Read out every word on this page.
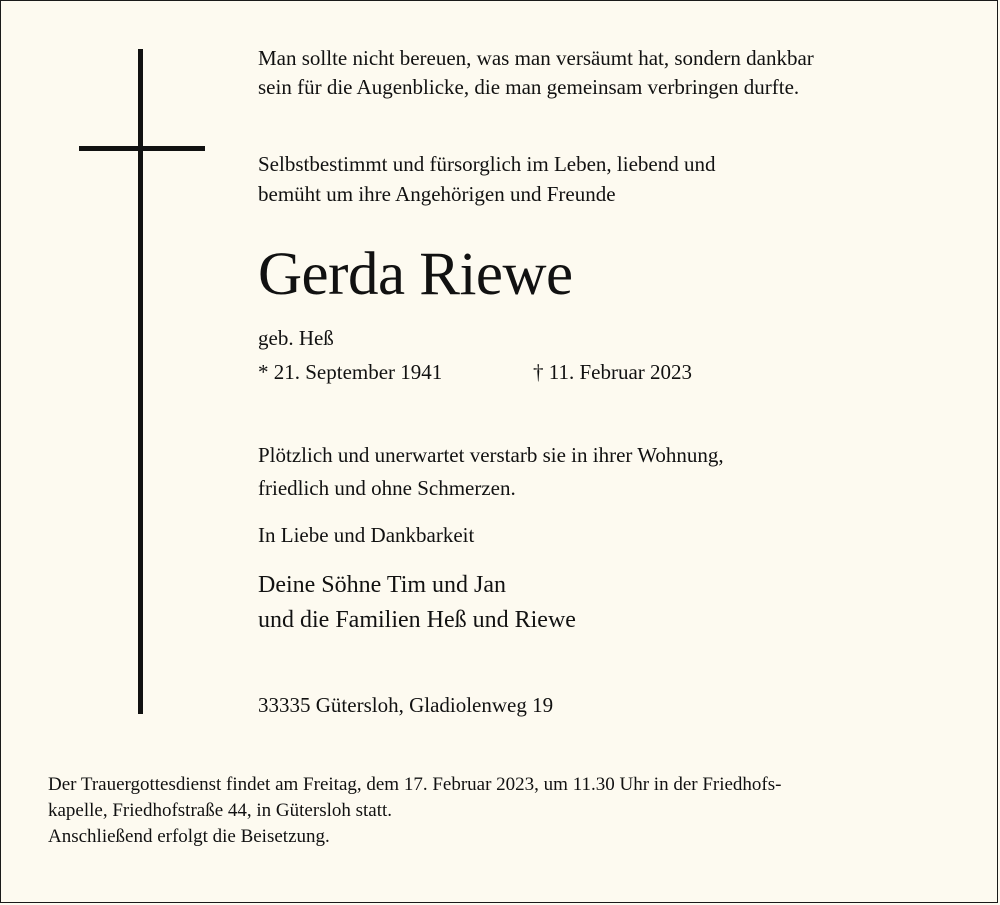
Man sollte nicht bereuen, was man versäumt hat, sondern dankbar
sein für die Augenblicke, die man gemeinsam verbringen durfte.

Selbstbestimmt und fürsorglich im Leben, liebend und
bemüht um ihre Angehörigen und Freunde

Gerda Riewe

geb. Heß

* 21. September 1941	† 11. Februar 2023

Plötzlich und unerwartet verstarb sie in ihrer Wohnung,
friedlich und ohne Schmerzen.

In Liebe und Dankbarkeit

Deine Söhne Tim und Jan
und die Familien Heß und Riewe

33335 Gütersloh, Gladiolenweg 19

Der Trauergottesdienst findet am Freitag, dem 17. Februar 2023, um 11.30 Uhr in der Friedhofs-
kapelle, Friedhofstraße 44, in Gütersloh statt.
Anschließend erfolgt die Beisetzung.
